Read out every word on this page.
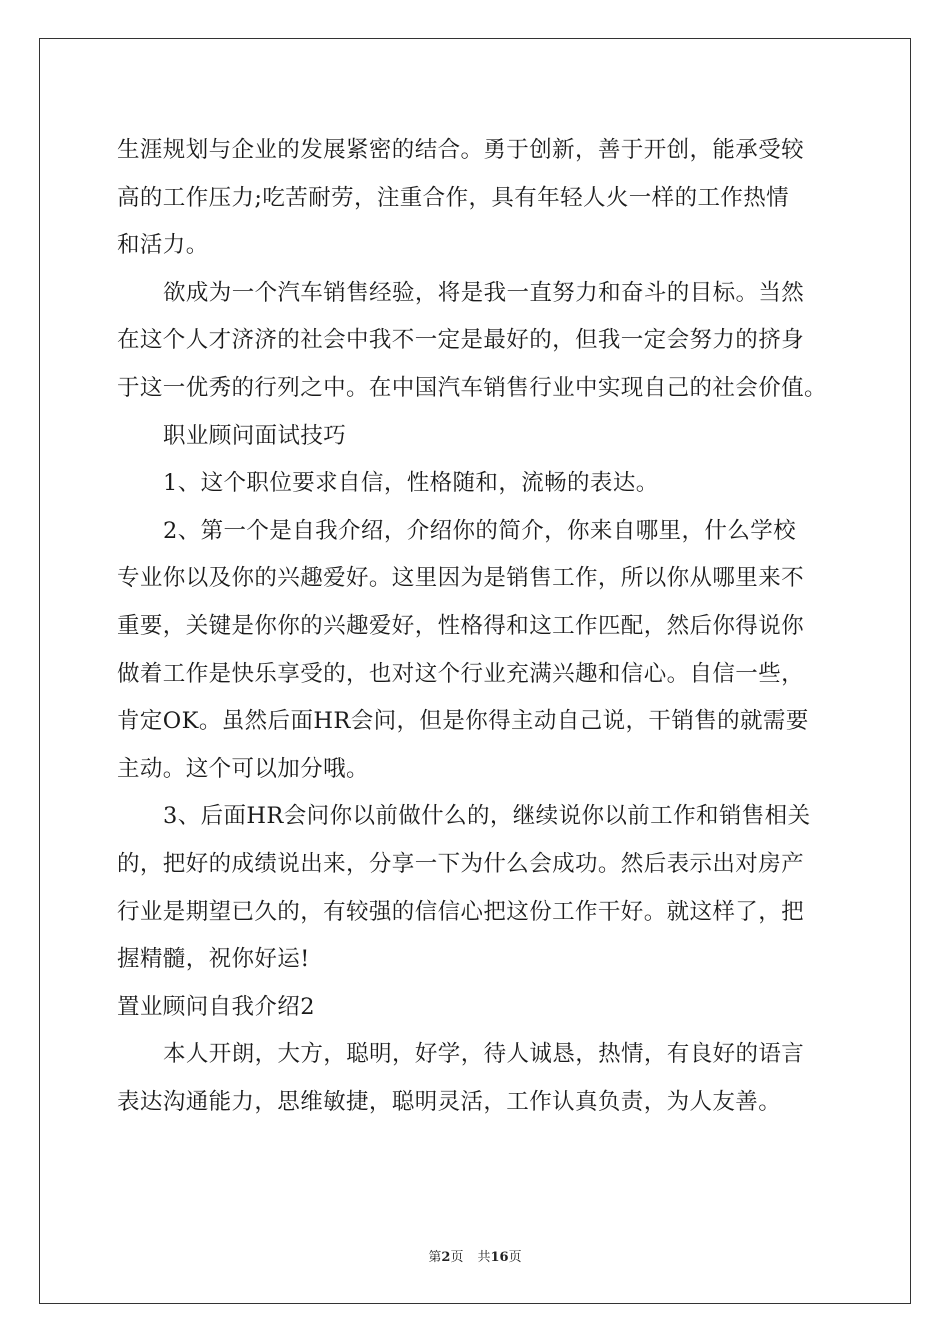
生涯规划与企业的发展紧密的结合。勇于创新，善于开创，能承受较
高的工作压力;吃苦耐劳，注重合作，具有年轻人火一样的工作热情
和活力。
欲成为一个汽车销售经验，将是我一直努力和奋斗的目标。当然
在这个人才济济的社会中我不一定是最好的，但我一定会努力的挤身
于这一优秀的行列之中。在中国汽车销售行业中实现自己的社会价值。
职业顾问面试技巧
1、这个职位要求自信，性格随和，流畅的表达。
2、第一个是自我介绍，介绍你的简介，你来自哪里，什么学校
专业你以及你的兴趣爱好。这里因为是销售工作，所以你从哪里来不
重要，关键是你你的兴趣爱好，性格得和这工作匹配，然后你得说你
做着工作是快乐享受的，也对这个行业充满兴趣和信心。自信一些，
肯定OK。虽然后面HR会问，但是你得主动自己说，干销售的就需要
主动。这个可以加分哦。
3、后面HR会问你以前做什么的，继续说你以前工作和销售相关
的，把好的成绩说出来，分享一下为什么会成功。然后表示出对房产
行业是期望已久的，有较强的信信心把这份工作干好。就这样了，把
握精髓，祝你好运!
置业顾问自我介绍2
本人开朗，大方，聪明，好学，待人诚恳，热情，有良好的语言
表达沟通能力，思维敏捷，聪明灵活，工作认真负责，为人友善。
第2页 共16页
